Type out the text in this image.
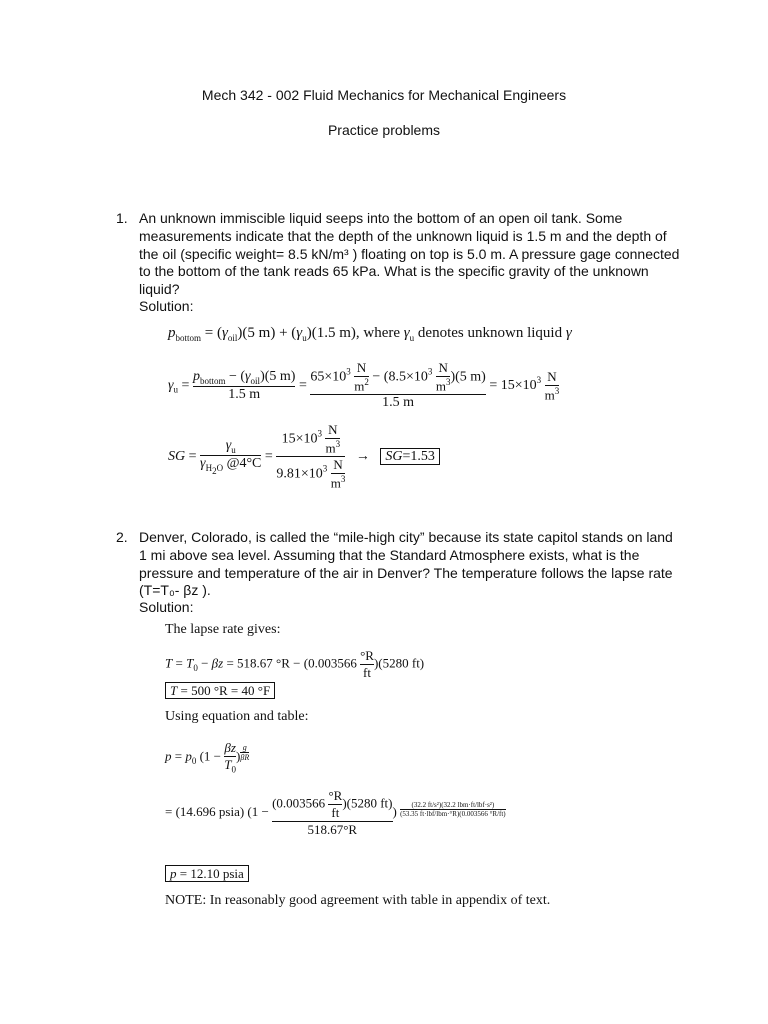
Mech 342 - 002 Fluid Mechanics for Mechanical Engineers
Practice problems
1. An unknown immiscible liquid seeps into the bottom of an open oil tank. Some measurements indicate that the depth of the unknown liquid is 1.5 m and the depth of the oil (specific weight= 8.5 kN/m³ ) floating on top is 5.0 m. A pressure gage connected to the bottom of the tank reads 65 kPa. What is the specific gravity of the unknown liquid?
Solution:
$p_{bottom} = (\gamma_{oil})(5$ $m) + (\gamma_u)(1.5$ m), where $\gamma_u$ denotes unknown liquid γ
$\gamma_u = \frac{p_{bottom} - (\gamma_{oil})(5 m)}{1.5 m} = \frac{65\times 10^3 \frac{N}{m^2} - (8.5\times 10^3 \frac{N}{m^3} )(5 m)}{1.5 m} = 15\times 10^3 \frac{N}{m^3}$
SG = $\frac{\gamma_u}{\gamma_{H_2O} @4^\circ C} = \frac{15\times 10^3 \frac{N}{m^3}}{9.81\times 10^3 \frac{N}{m^3}} \to SG=1.53$
2. Denver, Colorado, is called the “mile-high city” because its state capitol stands on land 1 mi above sea level. Assuming that the Standard Atmosphere exists, what is the pressure and temperature of the air in Denver? The temperature follows the lapse rate (T=T₀- βz ).
Solution:
The lapse rate gives:
$T = T_0 - \beta z = 518.67$ $^\circ R - (0.003566 \frac{^\circ R}{ft} )(5280$ ft)
T = 500 °R = 40 °F
Using equation and table:
$p = p_0$ ($1 - \frac{\beta z}{T_0}$ ) $^{\frac{g}{\beta R}}$
= (14.696 psia) ($1 - \frac{(0.003566 \frac{^\circ R}{ft} )(5280 ft)}{518.67^\circ R}$ ) $^{\frac{\text{(32.2 ft/s²)(32.2 lbm·ft/lbf·s²)}}{\text{(53.35 ft·lbf/lbm·°R)(0.003566 °R/ft)}}}$
p = 12.10 psia
NOTE: In reasonably good agreement with table in appendix of text.
